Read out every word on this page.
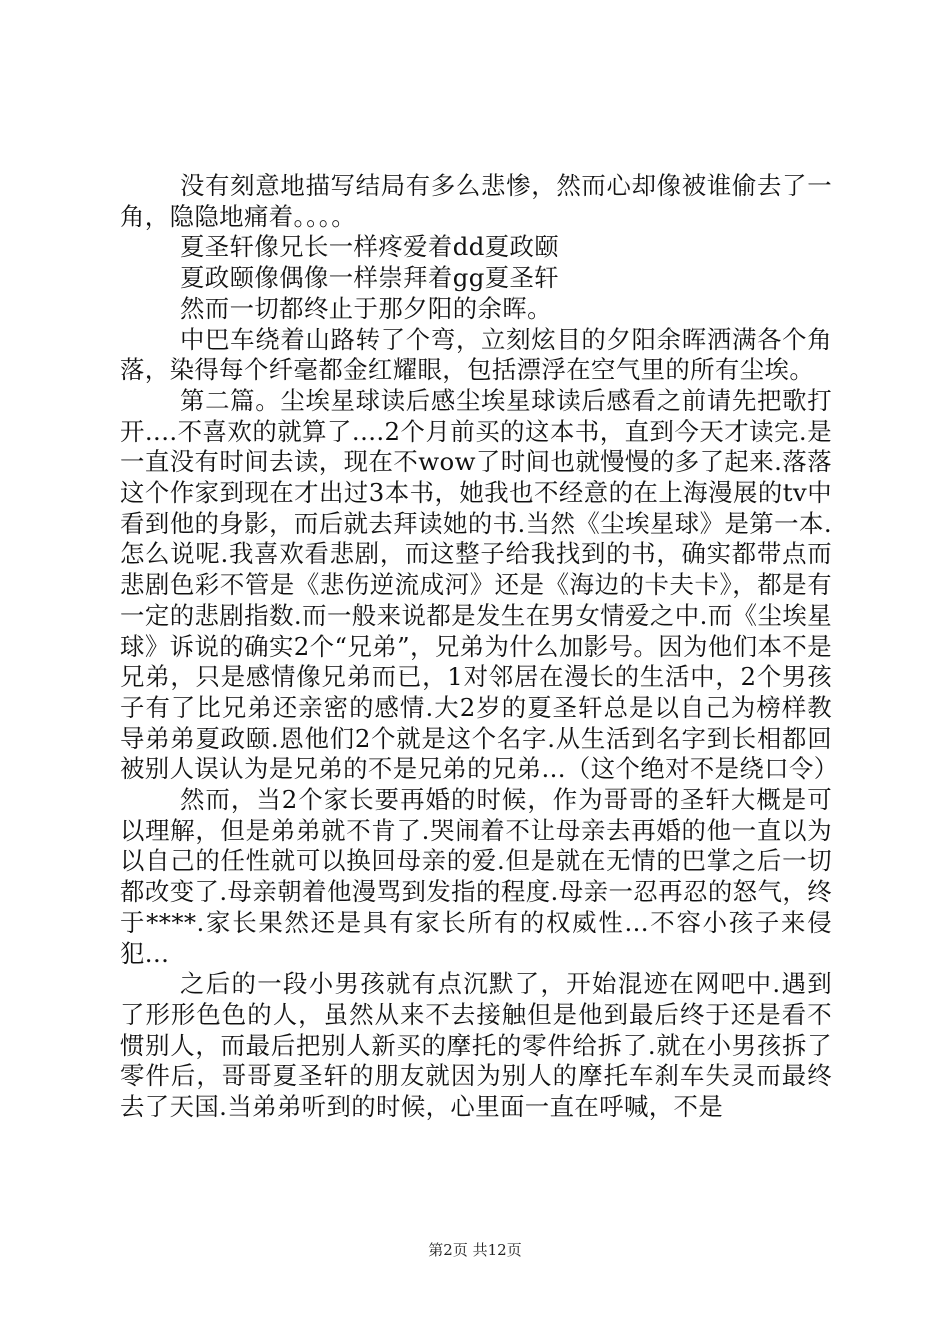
没有刻意地描写结局有多么悲惨，然而心却像被谁偷去了一角，隐隐地痛着。。。。

夏圣轩像兄长一样疼爱着dd夏政颐

夏政颐像偶像一样崇拜着gg夏圣轩

然而一切都终止于那夕阳的余晖。

中巴车绕着山路转了个弯，立刻炫目的夕阳余晖洒满各个角落，染得每个纤毫都金红耀眼，包括漂浮在空气里的所有尘埃。

第二篇。尘埃星球读后感尘埃星球读后感看之前请先把歌打开....不喜欢的就算了....2个月前买的这本书，直到今天才读完.是一直没有时间去读，现在不wow了时间也就慢慢的多了起来.落落这个作家到现在才出过3本书，她我也不经意的在上海漫展的tv中看到他的身影，而后就去拜读她的书.当然《尘埃星球》是第一本.怎么说呢.我喜欢看悲剧，而这整子给我找到的书，确实都带点而悲剧色彩不管是《悲伤逆流成河》还是《海边的卡夫卡》，都是有一定的悲剧指数.而一般来说都是发生在男女情爱之中.而《尘埃星球》诉说的确实2个“兄弟”，兄弟为什么加影号。因为他们本不是兄弟，只是感情像兄弟而已，1对邻居在漫长的生活中，2个男孩子有了比兄弟还亲密的感情.大2岁的夏圣轩总是以自己为榜样教导弟弟夏政颐.恩他们2个就是这个名字.从生活到名字到长相都回被别人误认为是兄弟的不是兄弟的兄弟...（这个绝对不是绕口令）

然而，当2个家长要再婚的时候，作为哥哥的圣轩大概是可以理解，但是弟弟就不肯了.哭闹着不让母亲去再婚的他一直以为以自己的任性就可以换回母亲的爱.但是就在无情的巴掌之后一切都改变了.母亲朝着他漫骂到发指的程度.母亲一忍再忍的怒气，终于****.家长果然还是具有家长所有的权威性...不容小孩子来侵犯...

之后的一段小男孩就有点沉默了，开始混迹在网吧中.遇到了形形色色的人，虽然从来不去接触但是他到最后终于还是看不惯别人，而最后把别人新买的摩托的零件给拆了.就在小男孩拆了零件后，哥哥夏圣轩的朋友就因为别人的摩托车刹车失灵而最终去了天国.当弟弟听到的时候，心里面一直在呼喊，不是

第2页 共12页
